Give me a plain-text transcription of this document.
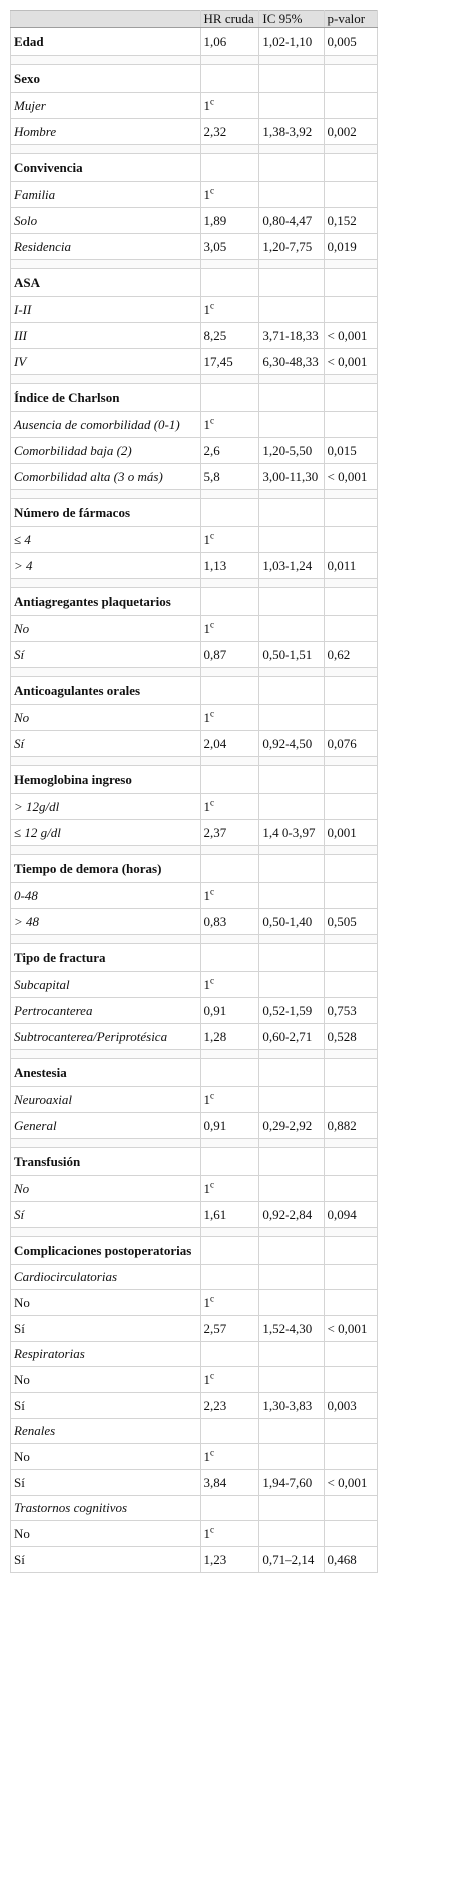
	HR cruda	IC 95%	p-valor
Edad	1,06	1,02-1,10	0,005

Sexo			
Mujer	1$^c$		
Hombre	2,32	1,38-3,92	0,002

Convivencia			
Familia	1$^c$		
Solo	1,89	0,80-4,47	0,152
Residencia	3,05	1,20-7,75	0,019

ASA			
I-II	1$^c$		
III	8,25	3,71-18,33	< 0,001
IV	17,45	6,30-48,33	< 0,001

Índice de Charlson			
Ausencia de comorbilidad (0-1)	1$^c$		
Comorbilidad baja (2)	2,6	1,20-5,50	0,015
Comorbilidad alta (3 o más)	5,8	3,00-11,30	< 0,001

Número de fármacos			
≤ 4	1$^c$		
> 4	1,13	1,03-1,24	0,011

Antiagregantes plaquetarios			
No	1$^c$		
Sí	0,87	0,50-1,51	0,62

Anticoagulantes orales			
No	1$^c$		
Sí	2,04	0,92-4,50	0,076

Hemoglobina ingreso			
> 12g/dl	1$^c$		
≤ 12 g/dl	2,37	1,4 0-3,97	0,001

Tiempo de demora (horas)			
0-48	1$^c$		
> 48	0,83	0,50-1,40	0,505

Tipo de fractura			
Subcapital	1$^c$		
Pertrocanterea	0,91	0,52-1,59	0,753
Subtrocanterea/Periprotésica	1,28	0,60-2,71	0,528

Anestesia			
Neuroaxial	1$^c$		
General	0,91	0,29-2,92	0,882

Transfusión			
No	1$^c$		
Sí	1,61	0,92-2,84	0,094

Complicaciones postoperatorias			
Cardiocirculatorias			
No	1$^c$		
Sí	2,57	1,52-4,30	< 0,001
Respiratorias			
No	1$^c$		
Sí	2,23	1,30-3,83	0,003
Renales			
No	1$^c$		
Sí	3,84	1,94-7,60	< 0,001
Trastornos cognitivos			
No	1$^c$		
Sí	1,23	0,71–2,14	0,468
